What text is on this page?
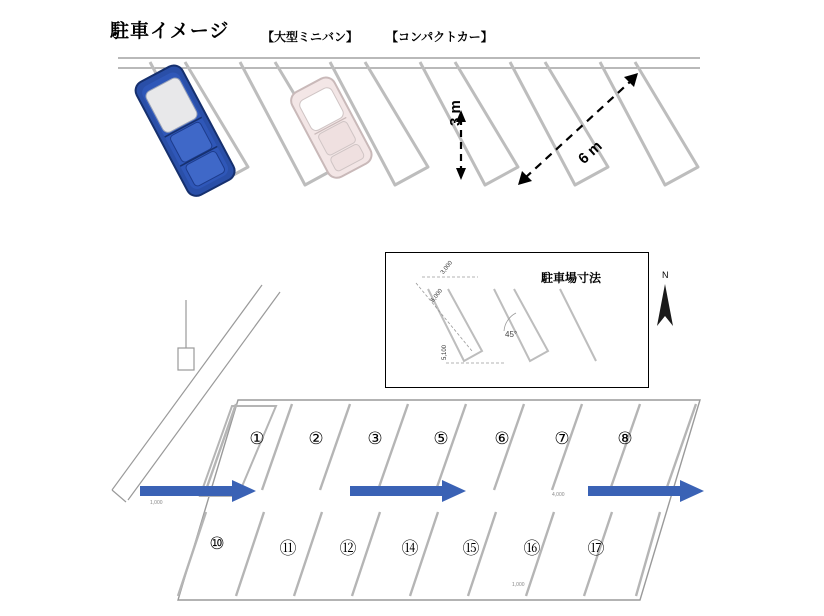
駐車イメージ	【大型ミニバン】 【コンパクトカー】
3 m
6 m
①	②	③	⑤	⑥	⑦	⑧
⑩	⑪	⑫	⑭	⑮	⑯	⑰
4,000
1,000
1,000
駐車場寸法
3,000
6,000
5,100
45°
N
